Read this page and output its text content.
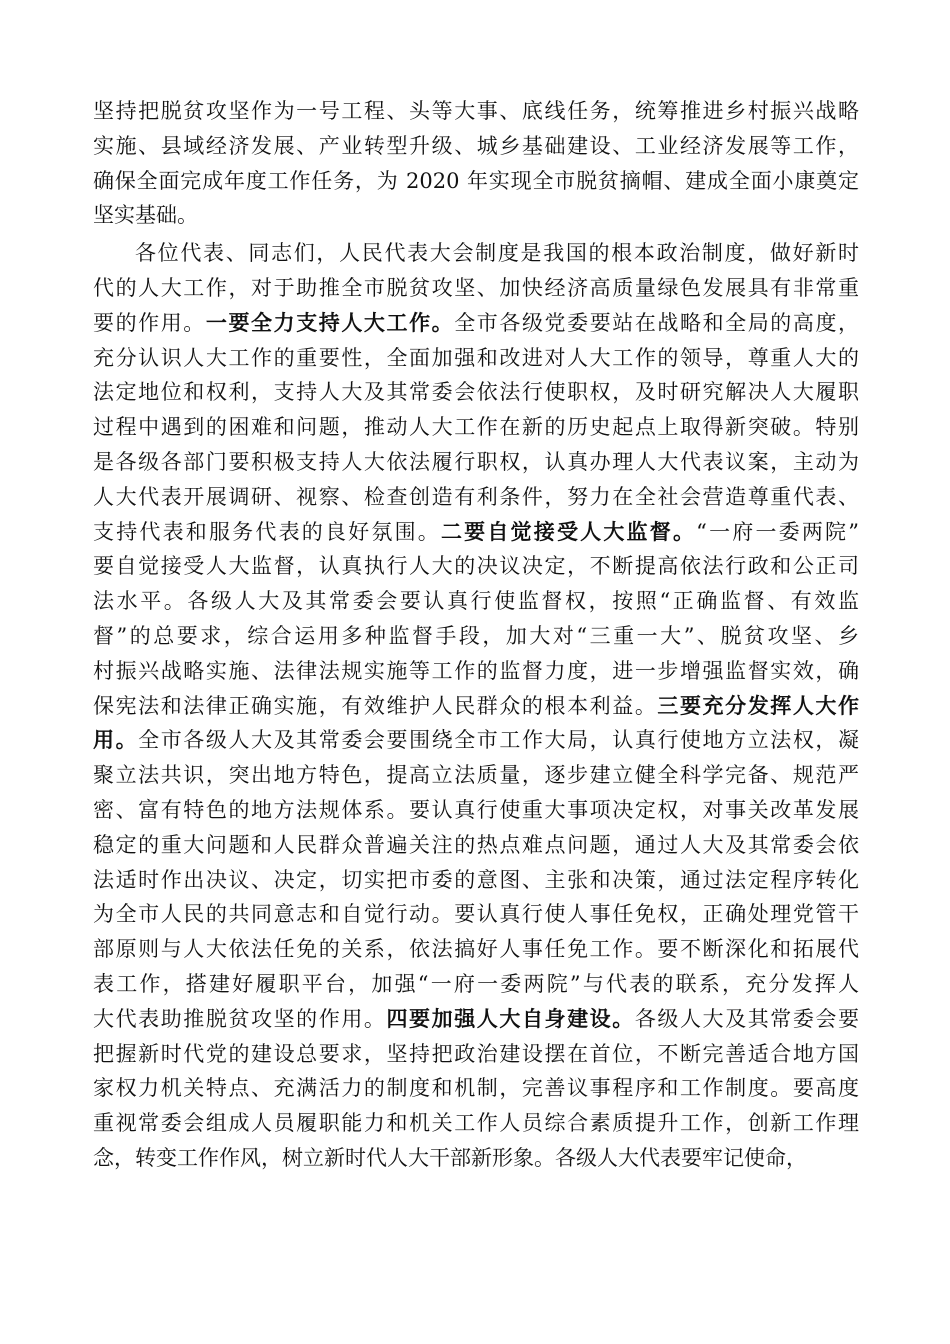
坚持把脱贫攻坚作为一号工程、头等大事、底线任务，统筹推进乡村振兴战略
实施、县域经济发展、产业转型升级、城乡基础建设、工业经济发展等工作，
确保全面完成年度工作任务，为 2020 年实现全市脱贫摘帽、建成全面小康奠定
坚实基础。
各位代表、同志们，人民代表大会制度是我国的根本政治制度，做好新时
代的人大工作，对于助推全市脱贫攻坚、加快经济高质量绿色发展具有非常重
要的作用。一要全力支持人大工作。全市各级党委要站在战略和全局的高度，
充分认识人大工作的重要性，全面加强和改进对人大工作的领导，尊重人大的
法定地位和权利，支持人大及其常委会依法行使职权，及时研究解决人大履职
过程中遇到的困难和问题，推动人大工作在新的历史起点上取得新突破。特别
是各级各部门要积极支持人大依法履行职权，认真办理人大代表议案，主动为
人大代表开展调研、视察、检查创造有利条件，努力在全社会营造尊重代表、
支持代表和服务代表的良好氛围。二要自觉接受人大监督。“一府一委两院”
要自觉接受人大监督，认真执行人大的决议决定，不断提高依法行政和公正司
法水平。各级人大及其常委会要认真行使监督权，按照“正确监督、有效监
督”的总要求，综合运用多种监督手段，加大对“三重一大”、脱贫攻坚、乡
村振兴战略实施、法律法规实施等工作的监督力度，进一步增强监督实效，确
保宪法和法律正确实施，有效维护人民群众的根本利益。三要充分发挥人大作
用。全市各级人大及其常委会要围绕全市工作大局，认真行使地方立法权，凝
聚立法共识，突出地方特色，提高立法质量，逐步建立健全科学完备、规范严
密、富有特色的地方法规体系。要认真行使重大事项决定权，对事关改革发展
稳定的重大问题和人民群众普遍关注的热点难点问题，通过人大及其常委会依
法适时作出决议、决定，切实把市委的意图、主张和决策，通过法定程序转化
为全市人民的共同意志和自觉行动。要认真行使人事任免权，正确处理党管干
部原则与人大依法任免的关系，依法搞好人事任免工作。要不断深化和拓展代
表工作，搭建好履职平台，加强“一府一委两院”与代表的联系，充分发挥人
大代表助推脱贫攻坚的作用。四要加强人大自身建设。各级人大及其常委会要
把握新时代党的建设总要求，坚持把政治建设摆在首位，不断完善适合地方国
家权力机关特点、充满活力的制度和机制，完善议事程序和工作制度。要高度
重视常委会组成人员履职能力和机关工作人员综合素质提升工作，创新工作理
念，转变工作作风，树立新时代人大干部新形象。各级人大代表要牢记使命，
